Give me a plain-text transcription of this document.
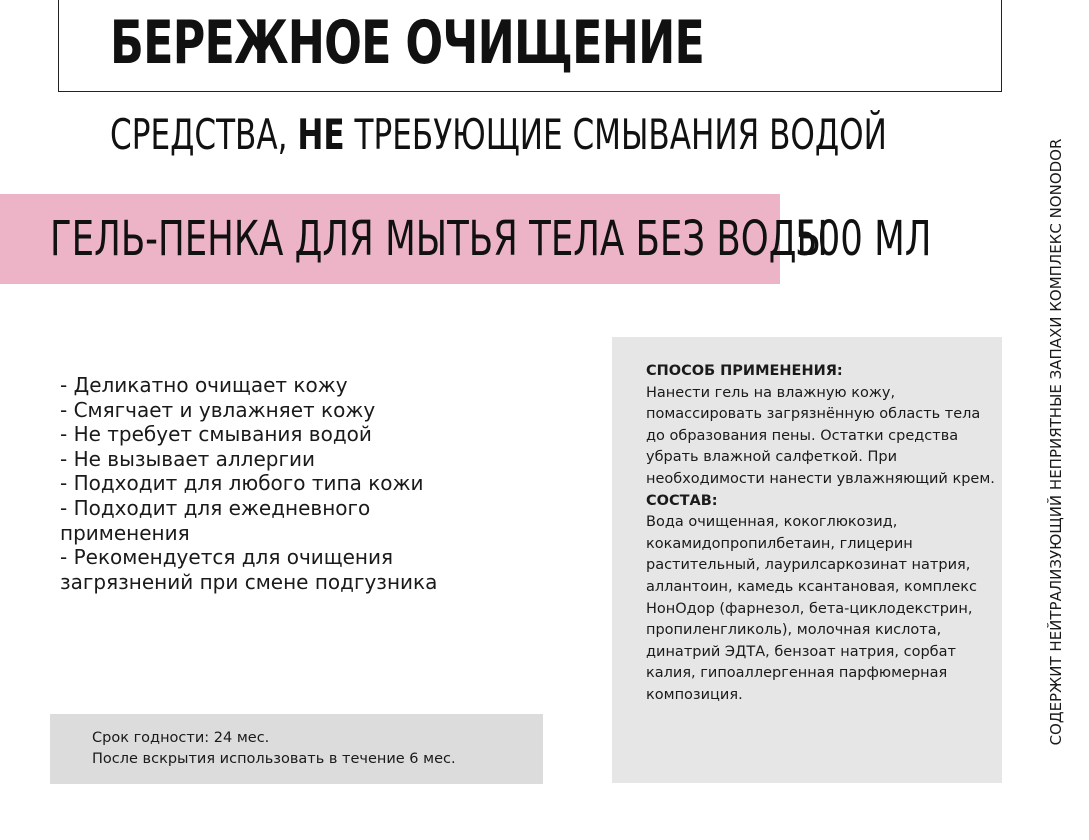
БЕРЕЖНОЕ ОЧИЩЕНИЕ
СРЕДСТВА, НЕ ТРЕБУЮЩИЕ СМЫВАНИЯ ВОДОЙ
ГЕЛЬ-ПЕНКА ДЛЯ МЫТЬЯ ТЕЛА БЕЗ ВОДЫ
500 МЛ
- Деликатно очищает кожу
- Смягчает и увлажняет кожу
- Не требует смывания водой
- Не вызывает аллергии
- Подходит для любого типа кожи
- Подходит для ежедневного применения
- Рекомендуется для очищения загрязнений при смене подгузника
СПОСОБ ПРИМЕНЕНИЯ:
Нанести гель на влажную кожу, помассировать загрязнённую область тела до образования пены. Остатки средства убрать влажной салфеткой. При необходимости нанести увлажняющий крем.
СОСТАВ:
Вода очищенная, кокоглюкозид, кокамидопропилбетаин, глицерин растительный, лаурилсаркозинат натрия, аллантоин, камедь ксантановая, комплекс НонОдор (фарнезол, бета-циклодекстрин, пропиленгликоль), молочная кислота, динатрий ЭДТА, бензоат натрия, сорбат калия, гипоаллергенная парфюмерная композиция.
Срок годности: 24 мес.
После вскрытия использовать в течение 6 мес.
СОДЕРЖИТ НЕЙТРАЛИЗУЮЩИЙ НЕПРИЯТНЫЕ ЗАПАХИ КОМПЛЕКС NONODOR
